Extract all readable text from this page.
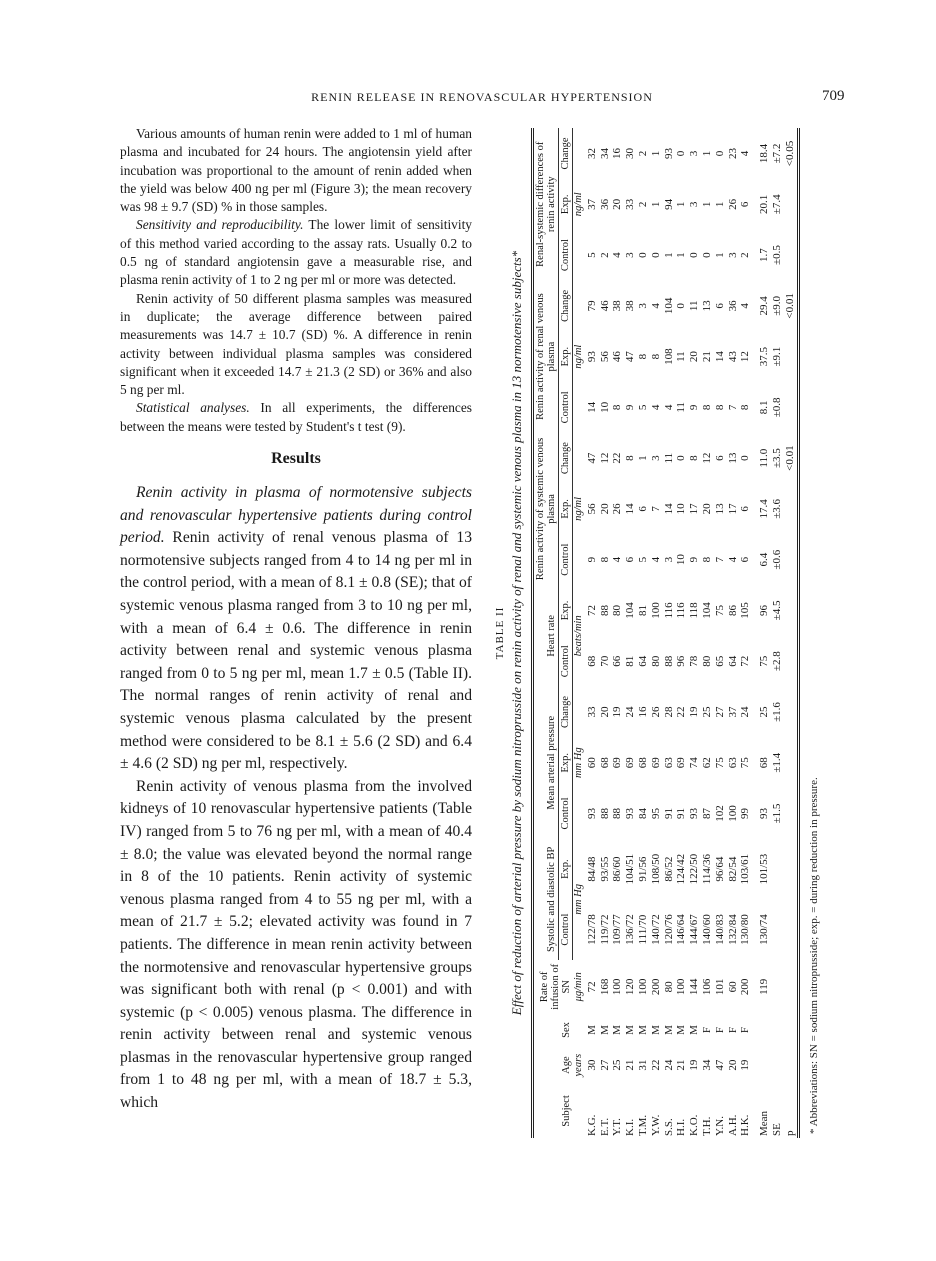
RENIN RELEASE IN RENOVASCULAR HYPERTENSION	709

Various amounts of human renin were added to 1 ml of human plasma and incubated for 24 hours. The angiotensin yield after incubation was proportional to the amount of renin added when the yield was below 400 ng per ml (Figure 3); the mean recovery was 98 ± 9.7 (SD) % in those samples.

Sensitivity and reproducibility. The lower limit of sensitivity of this method varied according to the assay rats. Usually 0.2 to 0.5 ng of standard angiotensin gave a measurable rise, and plasma renin activity of 1 to 2 ng per ml or more was detected.

Renin activity of 50 different plasma samples was measured in duplicate; the average difference between paired measurements was 14.7 ± 10.7 (SD) %. A difference in renin activity between individual plasma samples was considered significant when it exceeded 14.7 ± 21.3 (2 SD) or 36% and also 5 ng per ml.

Statistical analyses. In all experiments, the differences between the means were tested by Student's t test (9).

Results

Renin activity in plasma of normotensive subjects and renovascular hypertensive patients during control period. Renin activity of renal venous plasma of 13 normotensive subjects ranged from 4 to 14 ng per ml in the control period, with a mean of 8.1 ± 0.8 (SE); that of systemic venous plasma ranged from 3 to 10 ng per ml, with a mean of 6.4 ± 0.6. The difference in renin activity between renal and systemic venous plasma ranged from 0 to 5 ng per ml, mean 1.7 ± 0.5 (Table II). The normal ranges of renin activity of renal and systemic venous plasma calculated by the present method were considered to be 8.1 ± 5.6 (2 SD) and 6.4 ± 4.6 (2 SD) ng per ml, respectively.

Renin activity of venous plasma from the involved kidneys of 10 renovascular hypertensive patients (Table IV) ranged from 5 to 76 ng per ml, with a mean of 40.4 ± 8.0; the value was elevated beyond the normal range in 8 of the 10 patients. Renin activity of systemic venous plasma ranged from 4 to 55 ng per ml, with a mean of 21.7 ± 5.2; elevated activity was found in 7 patients. The difference in mean renin activity between the normotensive and renovascular hypertensive groups was significant both with renal (p < 0.001) and with systemic (p < 0.005) venous plasma. The difference in renin activity between renal and systemic venous plasmas in the renovascular hypertensive group ranged from 1 to 48 ng per ml, with a mean of 18.7 ± 5.3, which

TABLE II Effect of reduction of arterial pressure by sodium nitroprusside on renin activity of renal and systemic venous plasma in 13 normotensive subjects*
Subject	Age	Sex	Rate of infusion of SN	Systolic and diastolic BP		Mean arterial pressure			Heart rate		Renin activity of systemic venous plasma			Renin activity of renal venous plasma			Renal-systemic differences of renin activity		
				Control	Exp.	Control	Exp.	Change	Control	Exp.	Control	Exp.	Change	Control	Exp.	Change	Control	Exp.	Change
	years		μg/min	mm Hg		mm Hg			beats/min		ng/ml			ng/ml			ng/ml		
K.G.	30	M	72	122/78	84/48	93	60	33	68	72	9	56	47	14	93	79	5	37	32
E.T.	27	M	168	119/72	93/55	88	68	20	70	88	8	20	12	10	56	46	2	36	34
Y.T.	25	M	100	109/77	86/60	88	69	19	66	80	4	26	22	8	46	38	4	20	16
K.I.	21	M	120	136/72	104/51	93	69	24	81	104	6	14	8	9	47	38	3	33	30
T.M.	31	M	100	111/70	91/56	84	68	16	64	81	5	6	1	5	8	3	0	2	2
Y.W.	22	M	200	140/72	108/50	95	69	26	80	100	4	7	3	4	8	4	0	1	1
S.S.	24	M	80	120/76	86/52	91	63	28	88	116	3	14	11	4	108	104	1	94	93
H.I.	21	M	100	146/64	124/42	91	69	22	96	116	10	10	0	11	11	0	1	1	0
K.O.	19	M	144	144/67	122/50	93	74	19	78	118	9	17	8	9	20	11	0	3	3
T.H.	34	F	106	140/60	114/36	87	62	25	80	104	8	20	12	8	21	13	0	1	1
Y.N.	47	F	101	140/83	96/64	102	75	27	65	75	7	13	6	8	14	6	1	1	0
A.H.	20	F	60	132/84	82/54	100	63	37	64	86	4	17	13	7	43	36	3	26	23
H.K.	19	F	200	130/80	103/61	99	75	24	72	105	6	6	0	8	12	4	2	6	4

Mean			119	130/74	101/53	93	68	25	75	96	6.4	17.4	11.0	8.1	37.5	29.4	1.7	20.1	18.4
SE						±1.5	±1.4	±1.6	±2.8	±4.5	±0.6	±3.6	±3.5	±0.8	±9.1	±9.0	±0.5	±7.4	±7.2
p													<0.01			<0.01			<0.05
* Abbreviations: SN = sodium nitroprusside; exp. = during reduction in pressure.
